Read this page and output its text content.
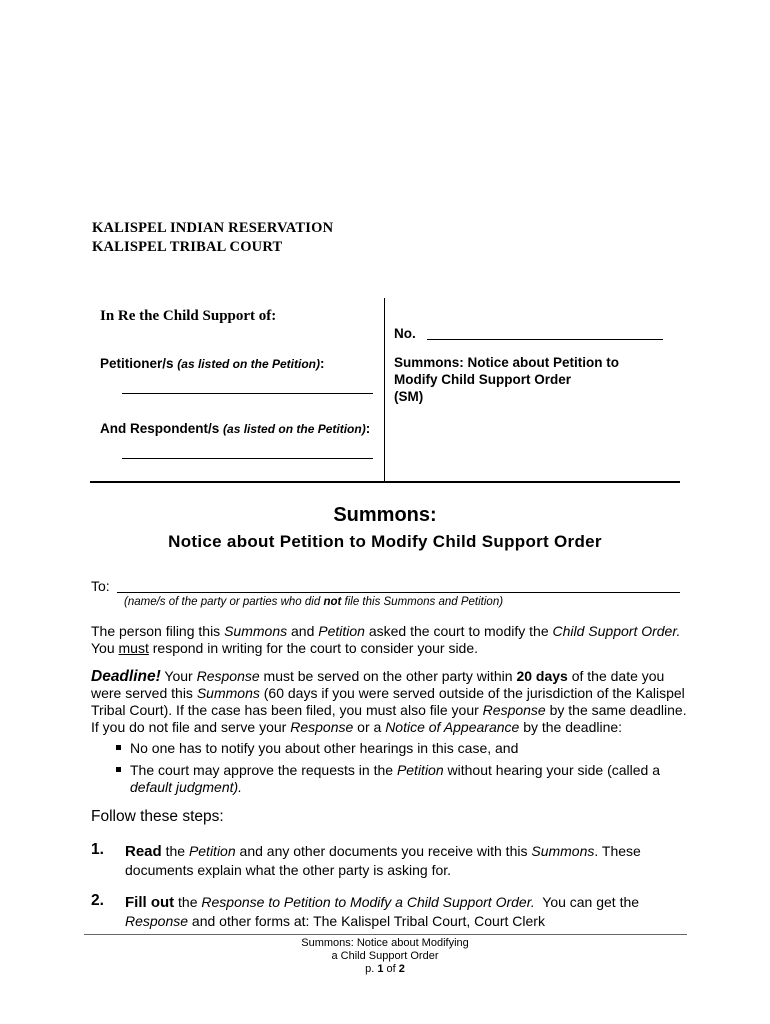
KALISPEL INDIAN RESERVATION
KALISPEL TRIBAL COURT
In Re the Child Support of:
Petitioner/s (as listed on the Petition):
And Respondent/s (as listed on the Petition):
No.
Summons: Notice about Petition to
Modify Child Support Order
(SM)
Summons:
Notice about Petition to Modify Child Support Order
To:
(name/s of the party or parties who did not file this Summons and Petition)
The person filing this Summons and Petition asked the court to modify the Child Support Order.
You must respond in writing for the court to consider your side.
Deadline! Your Response must be served on the other party within 20 days of the date you
were served this Summons (60 days if you were served outside of the jurisdiction of the Kalispel
Tribal Court). If the case has been filed, you must also file your Response by the same deadline.
If you do not file and serve your Response or a Notice of Appearance by the deadline:
No one has to notify you about other hearings in this case, and
The court may approve the requests in the Petition without hearing your side (called a
default judgment).
Follow these steps:
1. Read the Petition and any other documents you receive with this Summons. These
documents explain what the other party is asking for.
2. Fill out the Response to Petition to Modify a Child Support Order.  You can get the
Response and other forms at: The Kalispel Tribal Court, Court Clerk
Summons: Notice about Modifying
a Child Support Order
p. 1 of 2
